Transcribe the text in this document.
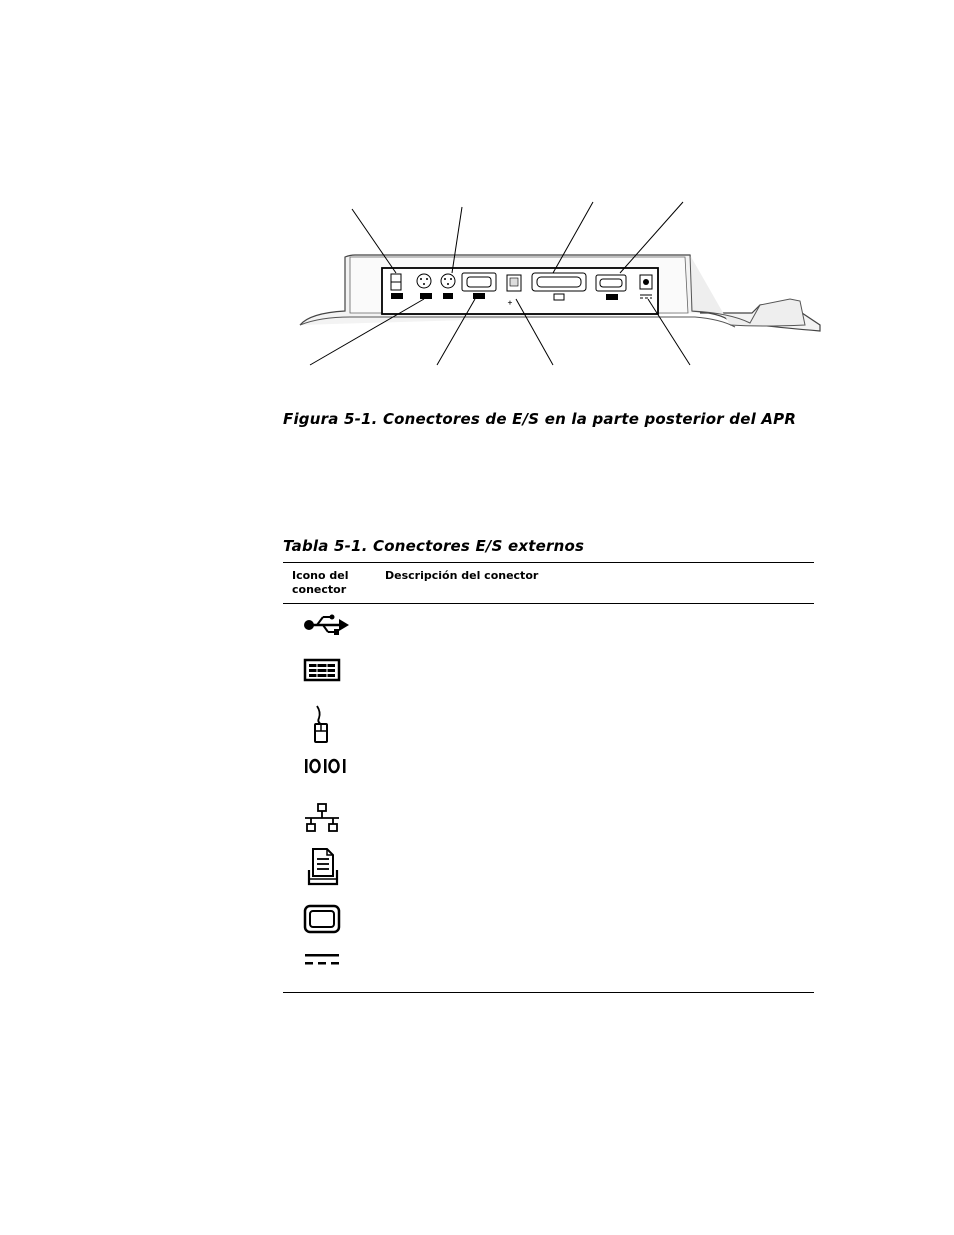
ᚐ
Figura 5-1. Conectores de E/S en la parte posterior del APR
Tabla 5-1. Conectores E/S externos
Icono del conector
Descripción del conector
